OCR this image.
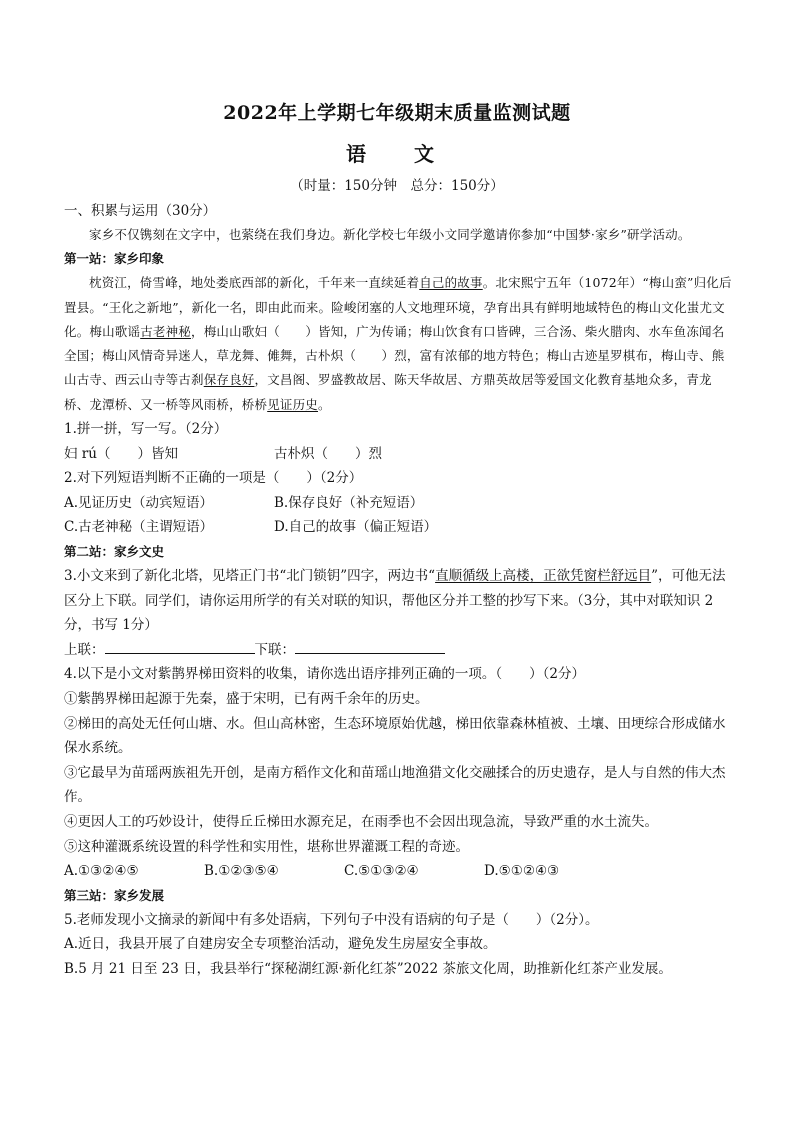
2022年上学期七年级期末质量监测试题
语　文
（时量：150分钟　总分：150分）

一、积累与运用（30分）

家乡不仅镌刻在文字中，也萦绕在我们身边。新化学校七年级小文同学邀请你参加“中国梦·家乡”研学活动。

第一站：家乡印象

枕资江，倚雪峰，地处娄底西部的新化，千年来一直续延着自己的故事。北宋熙宁五年（1072年）“梅山蛮”归化后置县。“王化之新地”，新化一名，即由此而来。险峻闭塞的人文地理环境，孕育出具有鲜明地域特色的梅山文化蚩尤文化。梅山歌谣古老神秘，梅山山歌妇（　　）皆知，广为传诵；梅山饮食有口皆碑，三合汤、柴火腊肉、水车鱼冻闻名全国；梅山风情奇异迷人，草龙舞、傩舞，古朴炽（　　）烈，富有浓郁的地方特色；梅山古迹星罗棋布，梅山寺、熊山古寺、西云山寺等古刹保存良好，文昌阁、罗盛教故居、陈天华故居、方鼎英故居等爱国文化教育基地众多，青龙桥、龙潭桥、又一桥等风雨桥，桥桥见证历史。

1.拼一拼，写一写。（2分）

妇 rú（　　）皆知	古朴炽（　　）烈

2.对下列短语判断不正确的一项是（　　）（2分）

A.见证历史（动宾短语）	B.保存良好（补充短语）
C.古老神秘（主谓短语）	D.自己的故事（偏正短语）

第二站：家乡文史

3.小文来到了新化北塔，见塔正门书“北门锁钥”四字，两边书“直顺循级上高楼，正欲凭窗栏舒远目”，可他无法区分上下联。同学们，请你运用所学的有关对联的知识，帮他区分并工整的抄写下来。（3分，其中对联知识 2分，书写 1分）

上联：	下联：

4.以下是小文对紫鹊界梯田资料的收集，请你选出语序排列正确的一项。（　　）（2分）

①紫鹊界梯田起源于先秦，盛于宋明，已有两千余年的历史。

②梯田的高处无任何山塘、水。但山高林密，生态环境原始优越，梯田依靠森林植被、土壤、田埂综合形成储水保水系统。

③它最早为苗瑶两族祖先开创，是南方稻作文化和苗瑶山地渔猎文化交融揉合的历史遗存，是人与自然的伟大杰作。

④更因人工的巧妙设计，使得丘丘梯田水源充足，在雨季也不会因出现急流，导致严重的水土流失。

⑤这种灌溉系统设置的科学性和实用性，堪称世界灌溉工程的奇迹。

A.①③②④⑤	B.①②③⑤④	C.⑤①③②④	D.⑤①②④③

第三站：家乡发展

5.老师发现小文摘录的新闻中有多处语病，下列句子中没有语病的句子是（　　）（2分）。

A.近日，我县开展了自建房安全专项整治活动，避免发生房屋安全事故。

B.5 月 21 日至 23 日，我县举行“探秘湖红源·新化红茶”2022 茶旅文化周，助推新化红茶产业发展。
